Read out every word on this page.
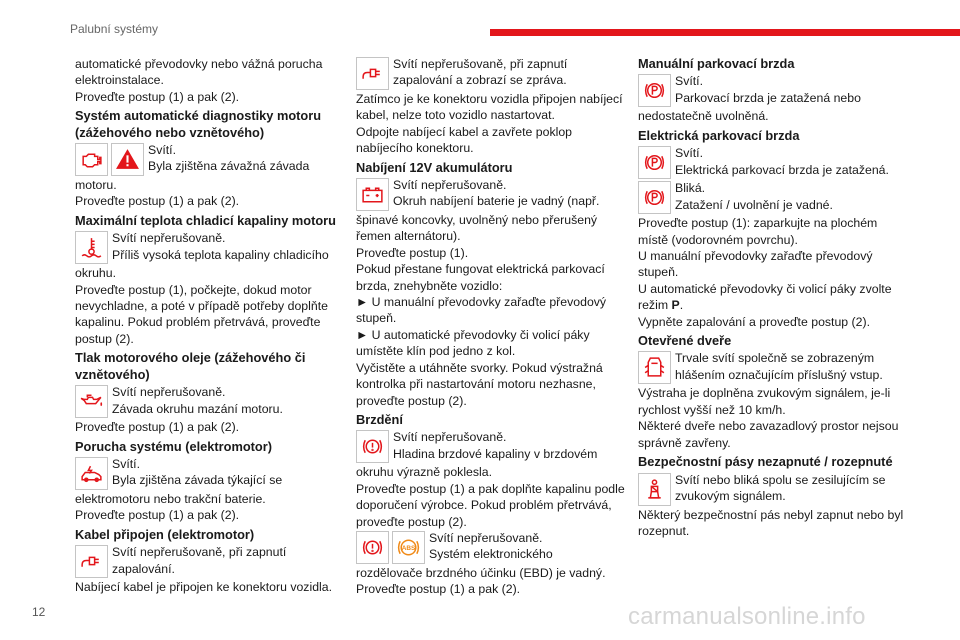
Palubní systémy

automatické převodovky nebo vážná porucha elektroinstalace.

Proveďte postup (1) a pak (2).

Systém automatické diagnostiky motoru (zážehového nebo vznětového)

Svítí.

Byla zjištěna závažná závada

motoru.

Proveďte postup (1) a pak (2).

Maximální teplota chladicí kapaliny motoru

Svítí nepřerušovaně.

Příliš vysoká teplota kapaliny chladicího

okruhu.

Proveďte postup (1), počkejte, dokud motor nevychladne, a poté v případě potřeby doplňte kapalinu. Pokud problém přetrvává, proveďte postup (2).

Tlak motorového oleje (zážehového či vznětového)

Svítí nepřerušovaně.

Závada okruhu mazání motoru.

Proveďte postup (1) a pak (2).

Porucha systému (elektromotor)

Svítí.

Byla zjištěna závada týkající se

elektromotoru nebo trakční baterie.

Proveďte postup (1) a pak (2).

Kabel připojen (elektromotor)

Svítí nepřerušovaně, při zapnutí

zapalování.

Nabíjecí kabel je připojen ke konektoru vozidla.

Svítí nepřerušovaně, při zapnutí

zapalování a zobrazí se zpráva.

Zatímco je ke konektoru vozidla připojen nabíjecí kabel, nelze toto vozidlo nastartovat.

Odpojte nabíjecí kabel a zavřete poklop nabíjecího konektoru.

Nabíjení 12V akumulátoru

Svítí nepřerušovaně.

Okruh nabíjení baterie je vadný (např.

špinavé koncovky, uvolněný nebo přerušený řemen alternátoru).

Proveďte postup (1).

Pokud přestane fungovat elektrická parkovací brzda, znehybněte vozidlo:

► U manuální převodovky zařaďte převodový stupeň.

► U automatické převodovky či volicí páky umístěte klín pod jedno z kol.

Vyčistěte a utáhněte svorky. Pokud výstražná kontrolka při nastartování motoru nezhasne, proveďte postup (2).

Brzdění

Svítí nepřerušovaně.

Hladina brzdové kapaliny v brzdovém

okruhu výrazně poklesla.

Proveďte postup (1) a pak doplňte kapalinu podle doporučení výrobce. Pokud problém přetrvává, proveďte postup (2).

ABS

Svítí nepřerušovaně.

Systém elektronického

rozdělovače brzdného účinku (EBD) je vadný.

Proveďte postup (1) a pak (2).

Manuální parkovací brzda

Svítí.

Parkovací brzda je zatažená nebo

nedostatečně uvolněná.

Elektrická parkovací brzda

Svítí.

Elektrická parkovací brzda je zatažená.

Bliká.

Zatažení / uvolnění je vadné.

Proveďte postup (1): zaparkujte na plochém místě (vodorovném povrchu).

U manuální převodovky zařaďte převodový stupeň.

U automatické převodovky či volicí páky zvolte režim P.

Vypněte zapalování a proveďte postup (2).

Otevřené dveře

Trvale svítí společně se zobrazeným

hlášením označujícím příslušný vstup.

Výstraha je doplněna zvukovým signálem, je-li rychlost vyšší než 10 km/h.

Některé dveře nebo zavazadlový prostor nejsou správně zavřeny.

Bezpečnostní pásy nezapnuté / rozepnuté

Svítí nebo bliká spolu se zesilujícím se

zvukovým signálem.

Některý bezpečnostní pás nebyl zapnut nebo byl rozepnut.

12	carmanualsonline.info
